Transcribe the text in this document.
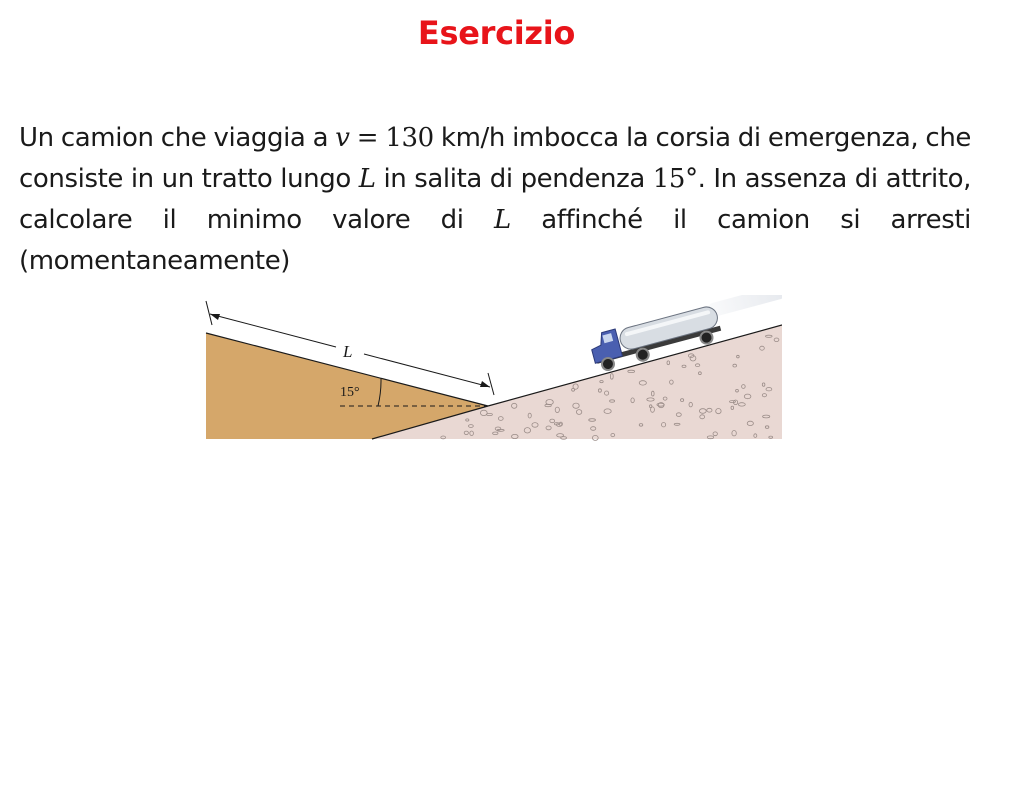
Esercizio
Un camion che viaggia a v = 130 km/h imbocca la corsia di emergenza, che consiste in un tratto lungo L in salita di pendenza 15°. In assenza di attrito, calcolare il minimo valore di L affinché il camion si arresti (momentaneamente)
15°
L
